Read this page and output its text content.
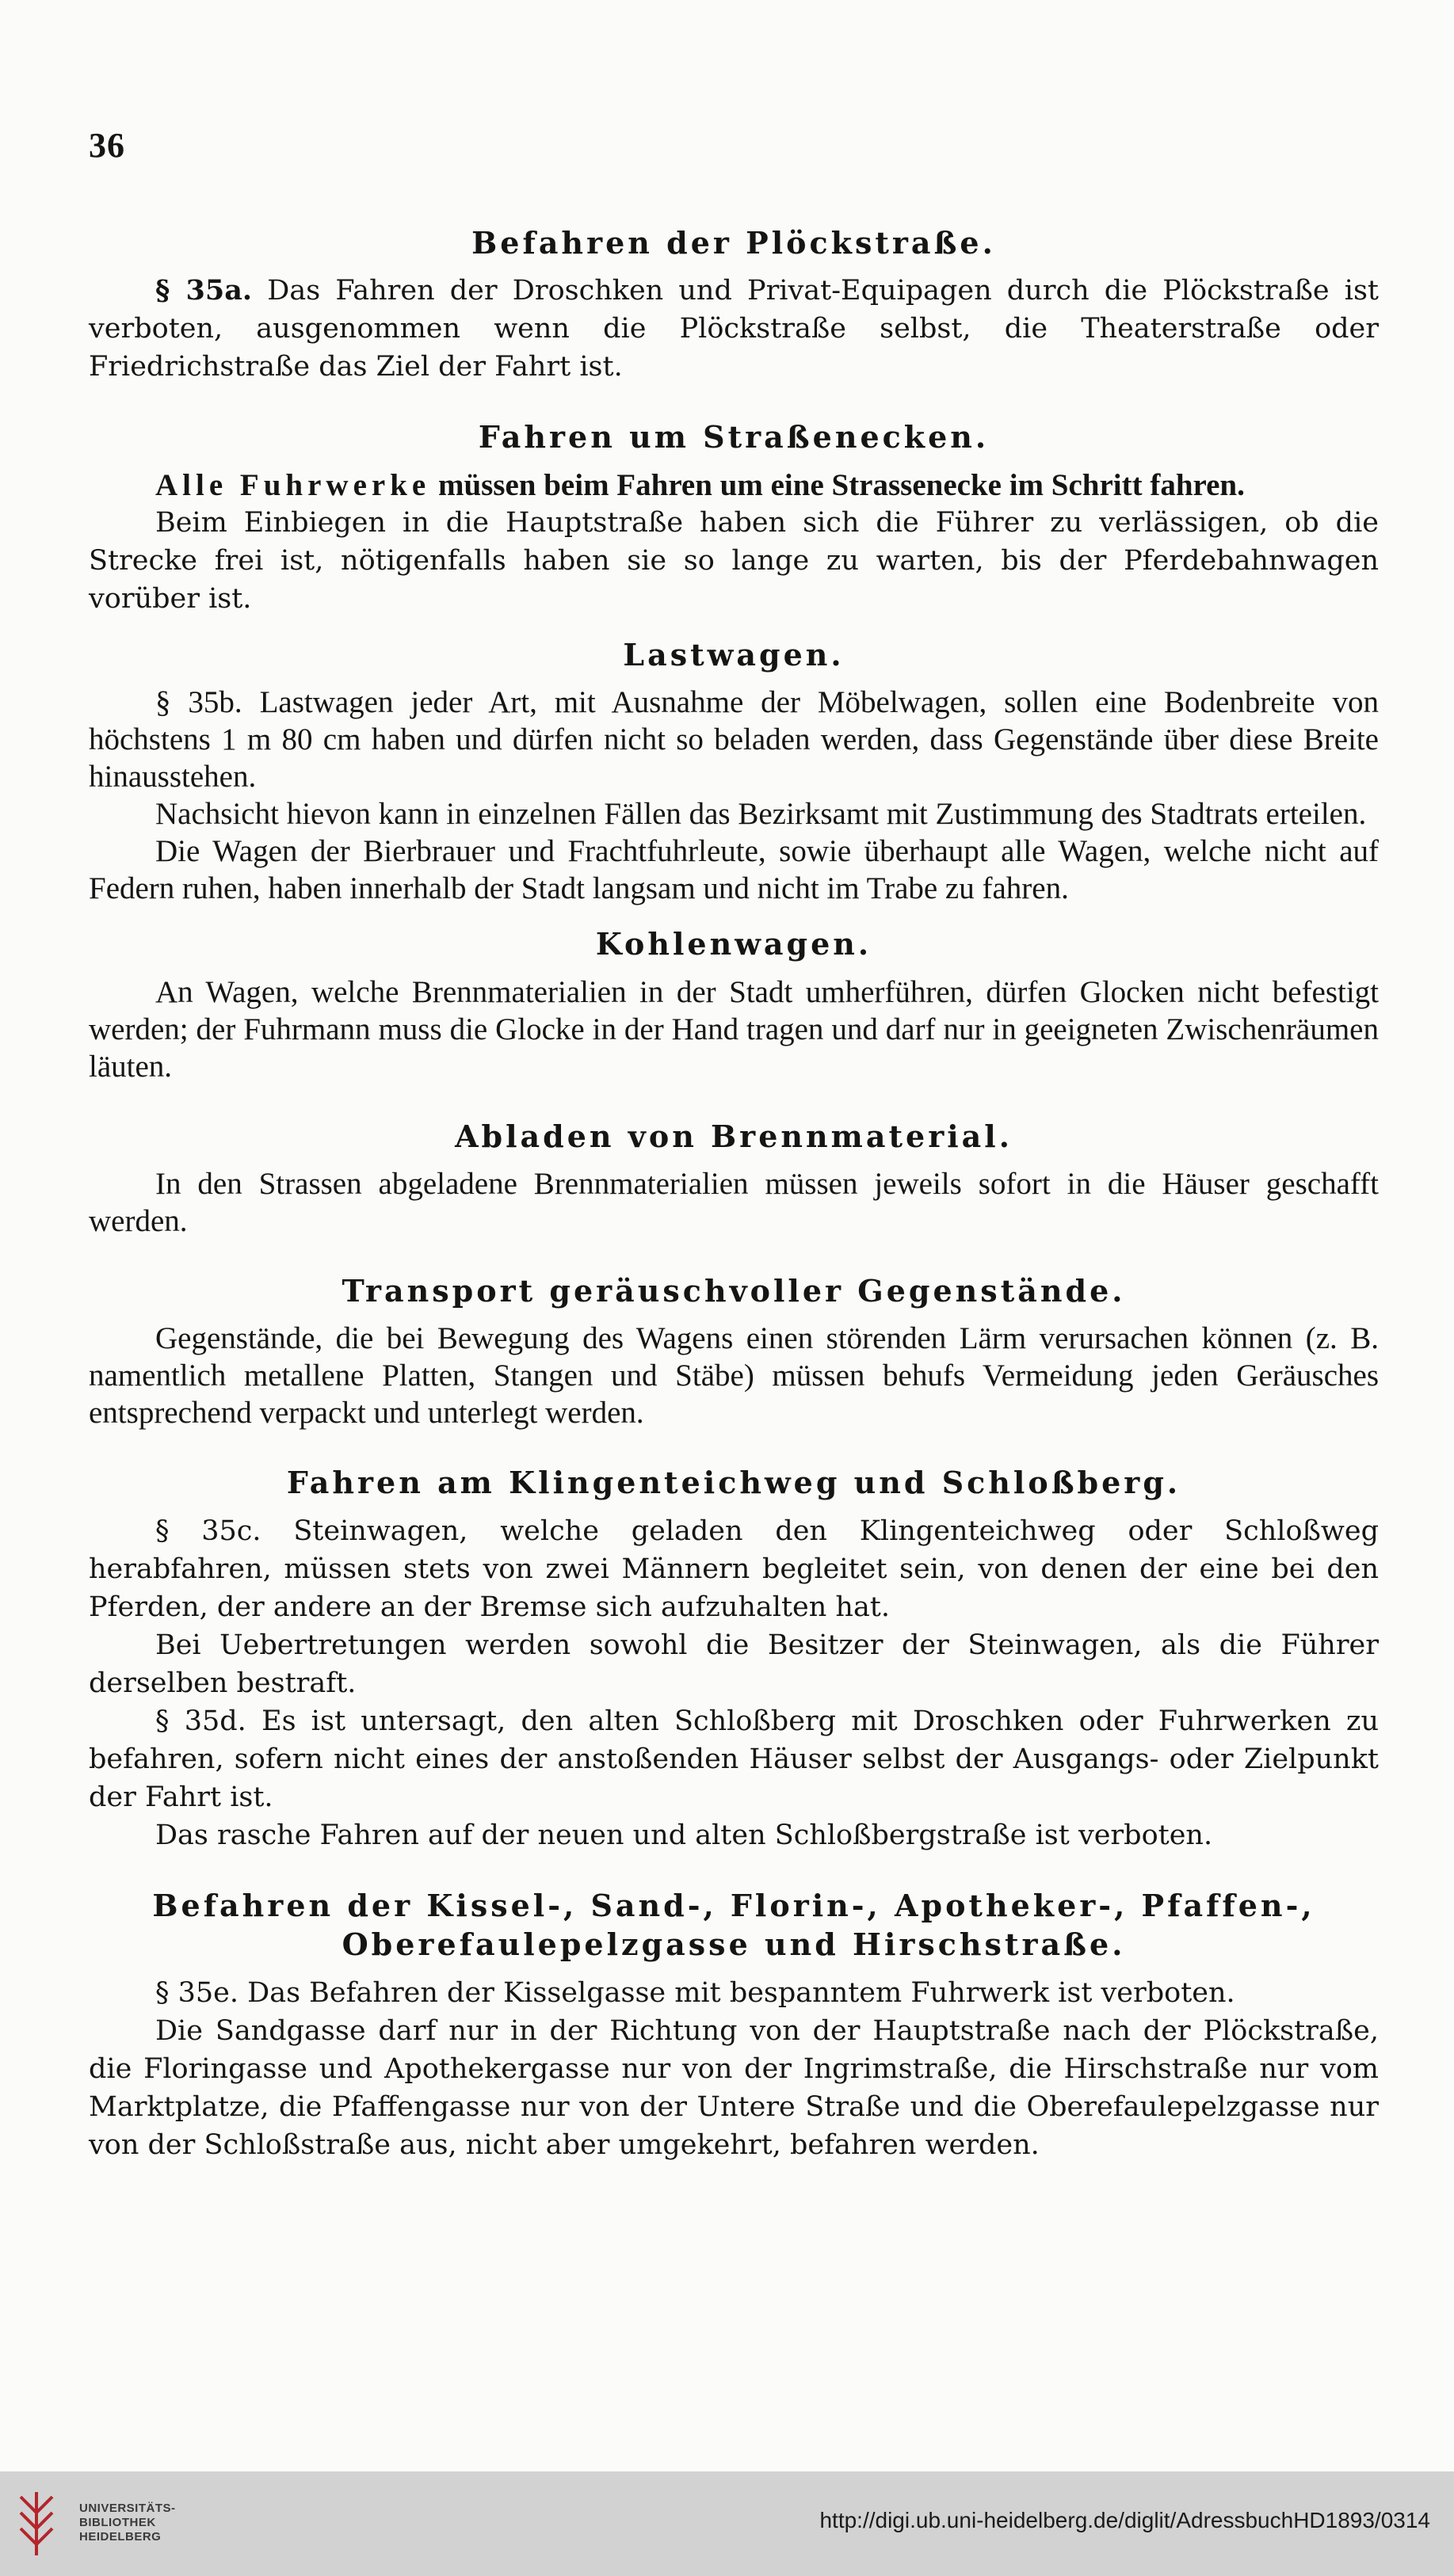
36
Befahren der Plöckstraße.

§ 35a. Das Fahren der Droschken und Privat-Equipagen durch die Plöckstraße ist verboten, ausgenommen wenn die Plöckstraße selbst, die Theaterstraße oder Friedrichstraße das Ziel der Fahrt ist.

Fahren um Straßenecken.

Alle Fuhrwerke müssen beim Fahren um eine Strassenecke im Schritt fahren.

Beim Einbiegen in die Hauptstraße haben sich die Führer zu verlässigen, ob die Strecke frei ist, nötigenfalls haben sie so lange zu warten, bis der Pferdebahnwagen vorüber ist.

Lastwagen.

§ 35b. Lastwagen jeder Art, mit Ausnahme der Möbelwagen, sollen eine Bodenbreite von höchstens 1 m 80 cm haben und dürfen nicht so beladen werden, dass Gegenstände über diese Breite hinausstehen.

Nachsicht hievon kann in einzelnen Fällen das Bezirksamt mit Zustimmung des Stadtrats erteilen.

Die Wagen der Bierbrauer und Frachtfuhrleute, sowie überhaupt alle Wagen, welche nicht auf Federn ruhen, haben innerhalb der Stadt langsam und nicht im Trabe zu fahren.

Kohlenwagen.

An Wagen, welche Brennmaterialien in der Stadt umherführen, dürfen Glocken nicht befestigt werden; der Fuhrmann muss die Glocke in der Hand tragen und darf nur in geeigneten Zwischenräumen läuten.

Abladen von Brennmaterial.

In den Strassen abgeladene Brennmaterialien müssen jeweils sofort in die Häuser geschafft werden.

Transport geräuschvoller Gegenstände.

Gegenstände, die bei Bewegung des Wagens einen störenden Lärm verursachen können (z. B. namentlich metallene Platten, Stangen und Stäbe) müssen behufs Vermeidung jeden Geräusches entsprechend verpackt und unterlegt werden.

Fahren am Klingenteichweg und Schloßberg.

§ 35c. Steinwagen, welche geladen den Klingenteichweg oder Schloßweg herabfahren, müssen stets von zwei Männern begleitet sein, von denen der eine bei den Pferden, der andere an der Bremse sich aufzuhalten hat.

Bei Uebertretungen werden sowohl die Besitzer der Steinwagen, als die Führer derselben bestraft.

§ 35d. Es ist untersagt, den alten Schloßberg mit Droschken oder Fuhrwerken zu befahren, sofern nicht eines der anstoßenden Häuser selbst der Ausgangs- oder Zielpunkt der Fahrt ist.

Das rasche Fahren auf der neuen und alten Schloßbergstraße ist verboten.

Befahren der Kissel-, Sand-, Florin-, Apotheker-, Pfaffen-, Oberefaulepelzgasse und Hirschstraße.

§ 35e. Das Befahren der Kisselgasse mit bespanntem Fuhrwerk ist verboten.

Die Sandgasse darf nur in der Richtung von der Hauptstraße nach der Plöckstraße, die Floringasse und Apothekergasse nur von der Ingrimstraße, die Hirschstraße nur vom Marktplatze, die Pfaffengasse nur von der Untere Straße und die Oberefaulepelzgasse nur von der Schloßstraße aus, nicht aber umgekehrt, befahren werden.

UNIVERSITÄTS-
BIBLIOTHEK
HEIDELBERG
http://digi.ub.uni-heidelberg.de/diglit/AdressbuchHD1893/0314
